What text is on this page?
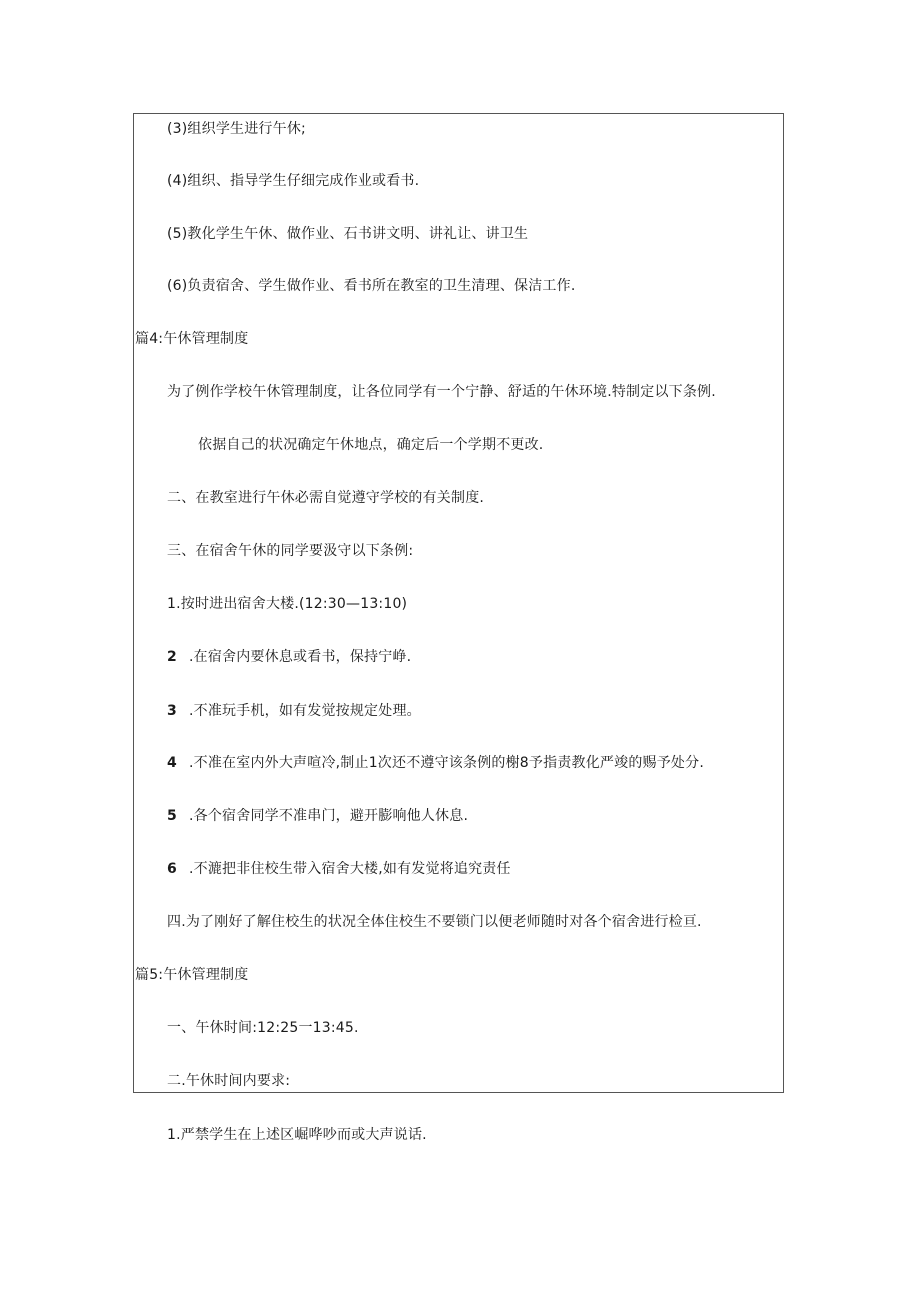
(3)组织学生进行午休;
(4)组织、指导学生仔细完成作业或看书.
(5)教化学生午休、做作业、石书讲文明、讲礼让、讲卫生
(6)负责宿舍、学生做作业、看书所在教室的卫生清理、保洁工作.
篇4:午休管理制度
为了例作学校午休管理制度，让各位同学有一个宁静、舒适的午休环境.特制定以下条例.
依据自己的状况确定午休地点，确定后一个学期不更改.
二、在教室进行午休必需自觉遵守学校的有关制度.
三、在宿舍午休的同学要汲守以下条例:
1.按时进出宿舍大楼.(12:30—13:10)
2 .在宿舍内要休息或看书，保持宁峥.
3 .不准玩手机，如有发觉按规定处理。
4 .不准在室内外大声喧冷,制止1次还不遵守该条例的榭8予指责教化严竣的赐予处分.
5 .各个宿舍同学不准串门，避开膨响他人休息.
6 .不漉把非住校生带入宿舍大楼,如有发觉将追究责任
四.为了刚好了解住校生的状况全体住校生不要锁门以便老师随时对各个宿舍进行检亘.
篇5:午休管理制度
一、午休时间:12:25一13:45.
二.午休时间内要求:
1.严禁学生在上述区崛哗吵而或大声说话.
